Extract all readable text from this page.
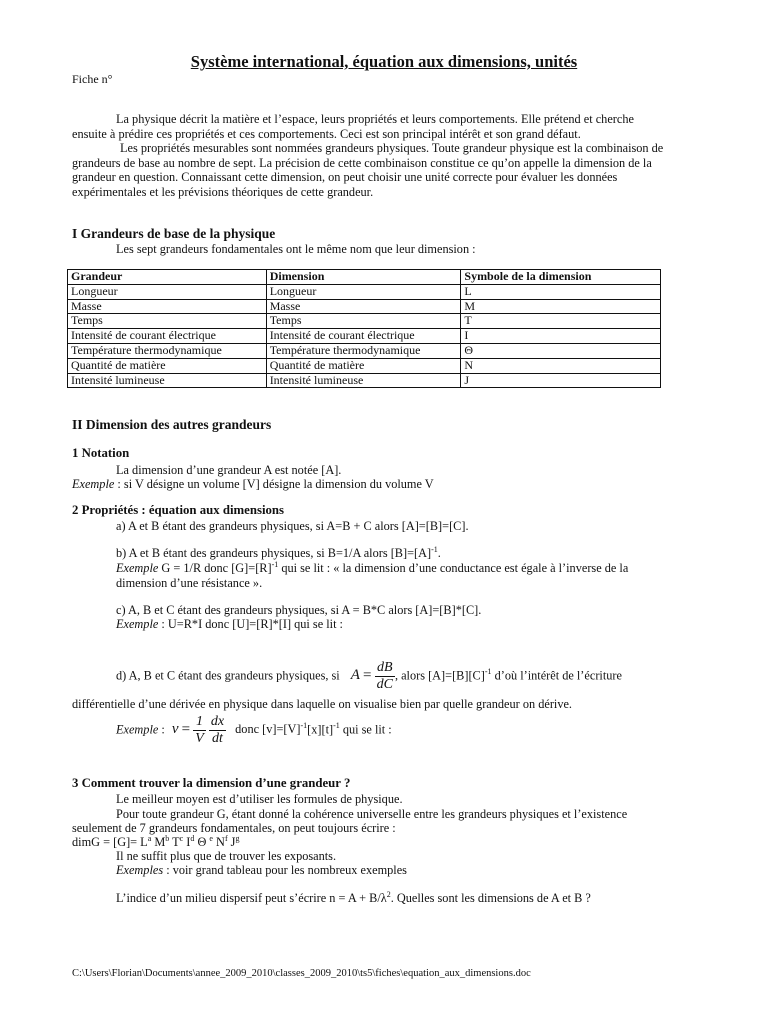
Système international, équation aux dimensions, unités
Fiche n°

La physique décrit la matière et l’espace, leurs propriétés et leurs comportements. Elle prétend et cherche

ensuite à prédire ces propriétés et ces comportements. Ceci est son principal intérêt et son grand défaut.

Les propriétés mesurables sont nommées grandeurs physiques. Toute grandeur physique est la combinaison de grandeurs de base au nombre de sept. La précision de cette combinaison constitue ce qu’on appelle la dimension de la grandeur en question. Connaissant cette dimension, on peut choisir une unité correcte pour évaluer les données expérimentales et les prévisions théoriques de cette grandeur.

I Grandeurs de base de la physique
Les sept grandeurs fondamentales ont le même nom que leur dimension :
Grandeur	Dimension	Symbole de la dimension
Longueur	Longueur	L
Masse	Masse	M
Temps	Temps	T
Intensité de courant électrique	Intensité de courant électrique	I
Température thermodynamique	Température thermodynamique	Θ
Quantité de matière	Quantité de matière	N
Intensité lumineuse	Intensité lumineuse	J
II Dimension des autres grandeurs
1 Notation
La dimension d’une grandeur A est notée [A].
Exemple : si V désigne un volume [V] désigne la dimension du volume V
2 Propriétés : équation aux dimensions
a) A et B étant des grandeurs physiques, si A=B + C alors [A]=[B]=[C].
b) A et B étant des grandeurs physiques, si B=1/A alors $[B]=[A]^{-1}$.
Exemple G = 1/R donc $[G]=[R]^{-1}$ qui se lit : « la dimension d’une conductance est égale à l’inverse de la
dimension d’une résistance ».
c) A, B et C étant des grandeurs physiques, si A = B*C alors [A]=[B]*[C].
Exemple : U=R*I donc [U]=[R]*[I] qui se lit :
d) A, B et C étant des grandeurs physiques, si $A = \frac{dB}{dC}$ , alors $[A]=[B][C]^{-1}$ d’où l’intérêt de l’écriture
différentielle d’une dérivée en physique dans laquelle on visualise bien par quelle grandeur on dérive.
Exemple : $v = \frac{1}{V}$
$\frac{dx}{dt}$ donc $[v]=[V]^{-1}[x][t]^{-1}$ qui se lit :
3 Comment trouver la dimension d’une grandeur ?
Le meilleur moyen est d’utiliser les formules de physique.
Pour toute grandeur G, étant donné la cohérence universelle entre les grandeurs physiques et l’existence
seulement de 7 grandeurs fondamentales, on peut toujours écrire :
dimG = $[G]= L^a$ $M^b$ $T^c$ $I^d$ Θ $^e$ $N^f$ $J^g$
Il ne suffit plus que de trouver les exposants.
Exemples : voir grand tableau pour les nombreux exemples
L’indice d’un milieu dispersif peut s’écrire $n = A + B/\lambda^2$. Quelles sont les dimensions de A et B ?
C:\Users\Florian\Documents\annee_2009_2010\classes_2009_2010\ts5\fiches\equation_aux_dimensions.doc
